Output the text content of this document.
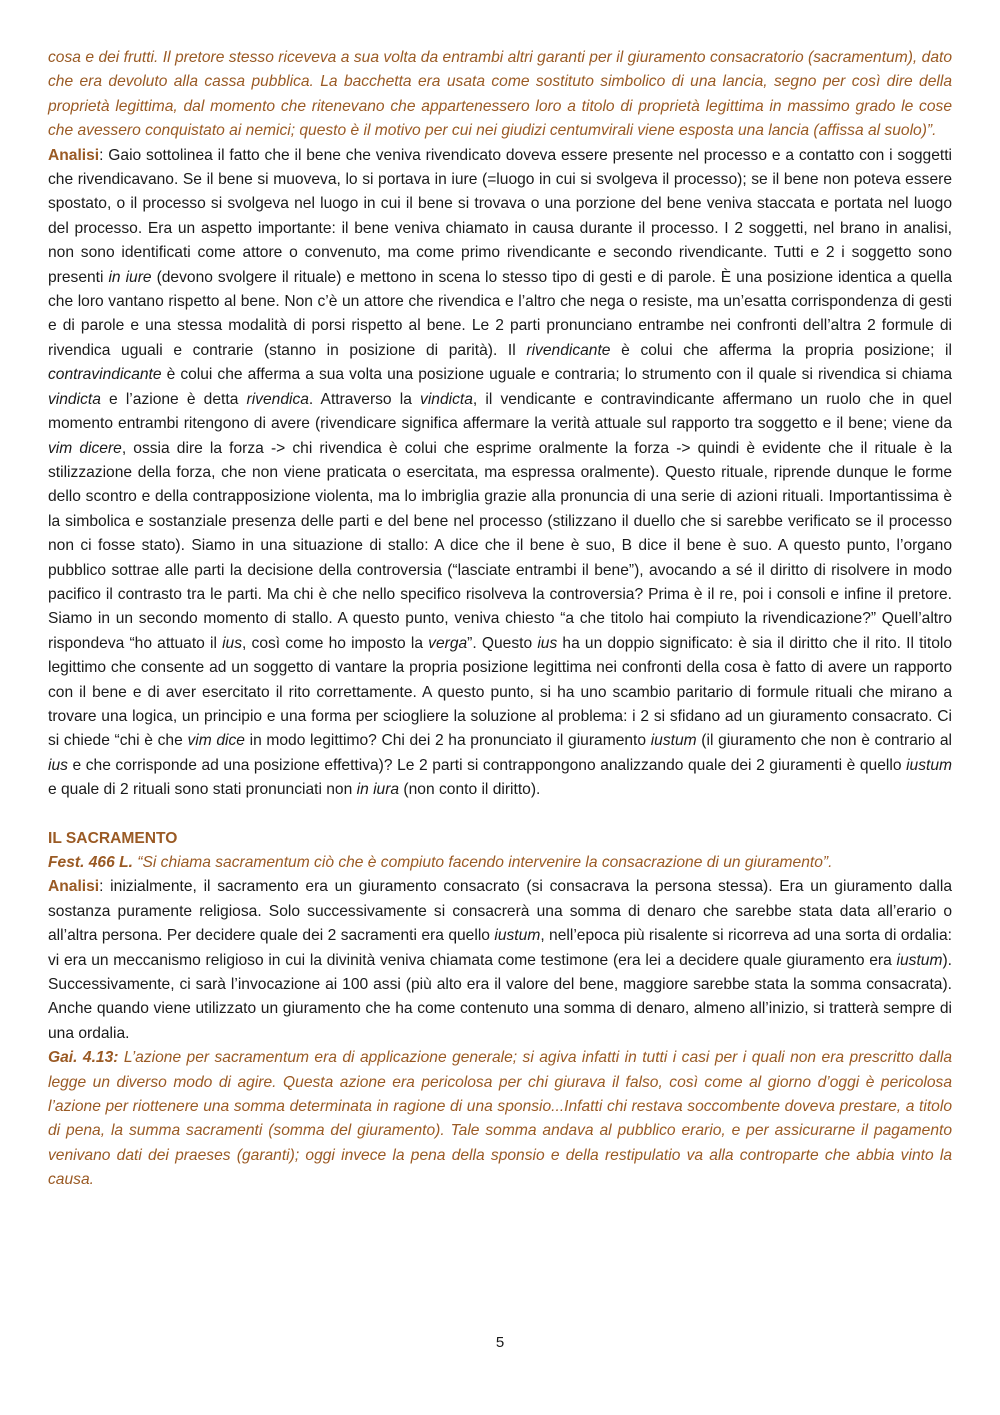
cosa e dei frutti. Il pretore stesso riceveva a sua volta da entrambi altri garanti per il giuramento consacratorio (sacramentum), dato che era devoluto alla cassa pubblica. La bacchetta era usata come sostituto simbolico di una lancia, segno per così dire della proprietà legittima, dal momento che ritenevano che appartenessero loro a titolo di proprietà legittima in massimo grado le cose che avessero conquistato ai nemici; questo è il motivo per cui nei giudizi centumvirali viene esposta una lancia (affissa al suolo)”.

Analisi: Gaio sottolinea il fatto che il bene che veniva rivendicato doveva essere presente nel processo e a contatto con i soggetti che rivendicavano. Se il bene si muoveva, lo si portava in iure (=luogo in cui si svolgeva il processo); se il bene non poteva essere spostato, o il processo si svolgeva nel luogo in cui il bene si trovava o una porzione del bene veniva staccata e portata nel luogo del processo. Era un aspetto importante: il bene veniva chiamato in causa durante il processo. I 2 soggetti, nel brano in analisi, non sono identificati come attore o convenuto, ma come primo rivendicante e secondo rivendicante. Tutti e 2 i soggetto sono presenti in iure (devono svolgere il rituale) e mettono in scena lo stesso tipo di gesti e di parole. È una posizione identica a quella che loro vantano rispetto al bene. Non c’è un attore che rivendica e l’altro che nega o resiste, ma un’esatta corrispondenza di gesti e di parole e una stessa modalità di porsi rispetto al bene. Le 2 parti pronunciano entrambe nei confronti dell’altra 2 formule di rivendica uguali e contrarie (stanno in posizione di parità). Il rivendicante è colui che afferma la propria posizione; il contravindicante è colui che afferma a sua volta una posizione uguale e contraria; lo strumento con il quale si rivendica si chiama vindicta e l’azione è detta rivendica. Attraverso la vindicta, il vendicante e contravindicante affermano un ruolo che in quel momento entrambi ritengono di avere (rivendicare significa affermare la verità attuale sul rapporto tra soggetto e il bene; viene da vim dicere, ossia dire la forza -> chi rivendica è colui che esprime oralmente la forza -> quindi è evidente che il rituale è la stilizzazione della forza, che non viene praticata o esercitata, ma espressa oralmente). Questo rituale, riprende dunque le forme dello scontro e della contrapposizione violenta, ma lo imbriglia grazie alla pronuncia di una serie di azioni rituali. Importantissima è la simbolica e sostanziale presenza delle parti e del bene nel processo (stilizzano il duello che si sarebbe verificato se il processo non ci fosse stato). Siamo in una situazione di stallo: A dice che il bene è suo, B dice il bene è suo. A questo punto, l’organo pubblico sottrae alle parti la decisione della controversia (“lasciate entrambi il bene”), avocando a sé il diritto di risolvere in modo pacifico il contrasto tra le parti. Ma chi è che nello specifico risolveva la controversia? Prima è il re, poi i consoli e infine il pretore. Siamo in un secondo momento di stallo. A questo punto, veniva chiesto “a che titolo hai compiuto la rivendicazione?” Quell’altro rispondeva “ho attuato il ius, così come ho imposto la verga”. Questo ius ha un doppio significato: è sia il diritto che il rito. Il titolo legittimo che consente ad un soggetto di vantare la propria posizione legittima nei confronti della cosa è fatto di avere un rapporto con il bene e di aver esercitato il rito correttamente. A questo punto, si ha uno scambio paritario di formule rituali che mirano a trovare una logica, un principio e una forma per sciogliere la soluzione al problema: i 2 si sfidano ad un giuramento consacrato. Ci si chiede “chi è che vim dice in modo legittimo? Chi dei 2 ha pronunciato il giuramento iustum (il giuramento che non è contrario al ius e che corrisponde ad una posizione effettiva)? Le 2 parti si contrappongono analizzando quale dei 2 giuramenti è quello iustum e quale di 2 rituali sono stati pronunciati non in iura (non conto il diritto).

IL SACRAMENTO

Fest. 466 L. “Si chiama sacramentum ciò che è compiuto facendo intervenire la consacrazione di un giuramento”.

Analisi: inizialmente, il sacramento era un giuramento consacrato (si consacrava la persona stessa). Era un giuramento dalla sostanza puramente religiosa. Solo successivamente si consacrerà una somma di denaro che sarebbe stata data all’erario o all’altra persona. Per decidere quale dei 2 sacramenti era quello iustum, nell’epoca più risalente si ricorreva ad una sorta di ordalia: vi era un meccanismo religioso in cui la divinità veniva chiamata come testimone (era lei a decidere quale giuramento era iustum). Successivamente, ci sarà l’invocazione ai 100 assi (più alto era il valore del bene, maggiore sarebbe stata la somma consacrata). Anche quando viene utilizzato un giuramento che ha come contenuto una somma di denaro, almeno all’inizio, si tratterà sempre di una ordalia.

Gai. 4.13: L’azione per sacramentum era di applicazione generale; si agiva infatti in tutti i casi per i quali non era prescritto dalla legge un diverso modo di agire. Questa azione era pericolosa per chi giurava il falso, così come al giorno d’oggi è pericolosa l’azione per riottenere una somma determinata in ragione di una sponsio...Infatti chi restava soccombente doveva prestare, a titolo di pena, la summa sacramenti (somma del giuramento). Tale somma andava al pubblico erario, e per assicurarne il pagamento venivano dati dei praeses (garanti); oggi invece la pena della sponsio e della restipulatio va alla controparte che abbia vinto la causa.

5
